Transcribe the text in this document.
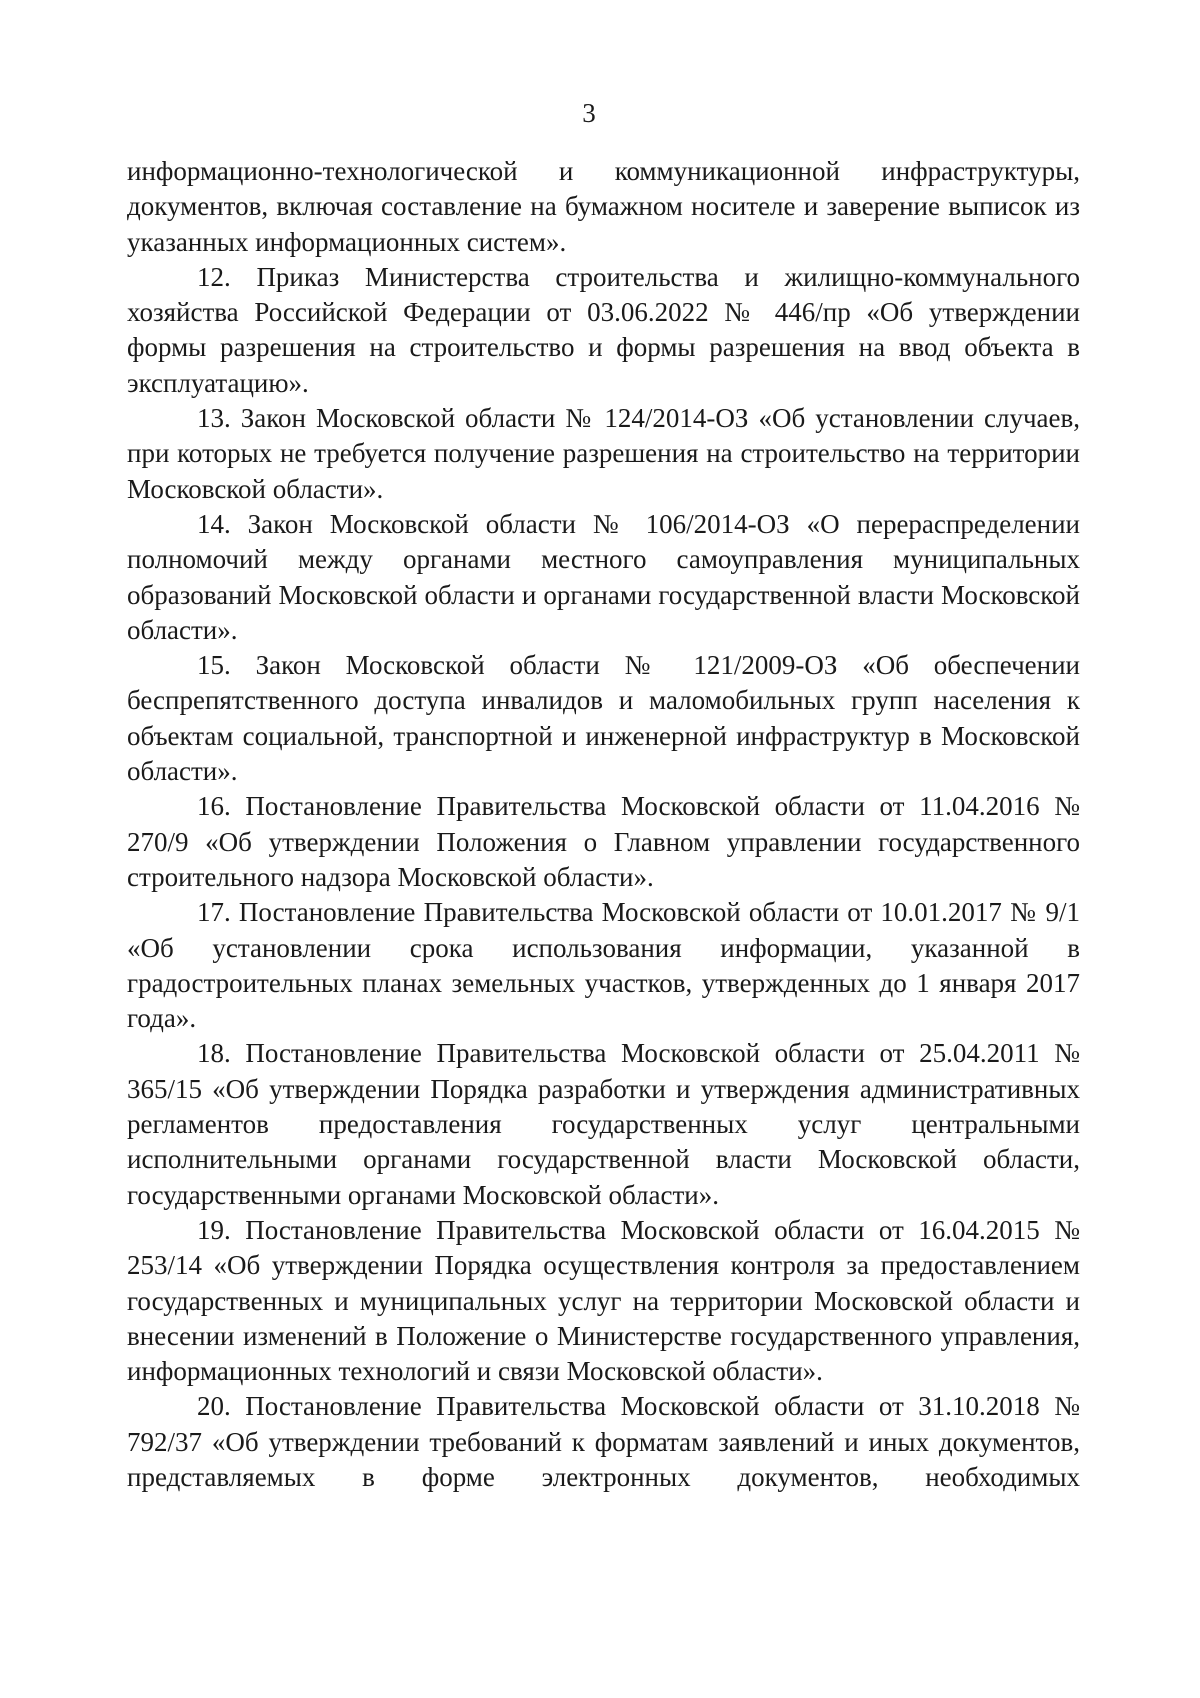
3

информационно-технологической и коммуникационной инфраструктуры, документов, включая составление на бумажном носителе и заверение выписок из указанных информационных систем».

12. Приказ Министерства строительства и жилищно-коммунального хозяйства Российской Федерации от 03.06.2022 № 446/пр «Об утверждении формы разрешения на строительство и формы разрешения на ввод объекта в эксплуатацию».

13. Закон Московской области № 124/2014-ОЗ «Об установлении случаев, при которых не требуется получение разрешения на строительство на территории Московской области».

14. Закон Московской области № 106/2014-ОЗ «О перераспределении полномочий между органами местного самоуправления муниципальных образований Московской области и органами государственной власти Московской области».

15. Закон Московской области № 121/2009-ОЗ «Об обеспечении беспрепятственного доступа инвалидов и маломобильных групп населения к объектам социальной, транспортной и инженерной инфраструктур в Московской области».

16. Постановление Правительства Московской области от 11.04.2016 № 270/9 «Об утверждении Положения о Главном управлении государственного строительного надзора Московской области».

17. Постановление Правительства Московской области от 10.01.2017 № 9/1 «Об установлении срока использования информации, указанной в градостроительных планах земельных участков, утвержденных до 1 января 2017 года».

18. Постановление Правительства Московской области от 25.04.2011 № 365/15 «Об утверждении Порядка разработки и утверждения административных регламентов предоставления государственных услуг центральными исполнительными органами государственной власти Московской области, государственными органами Московской области».

19. Постановление Правительства Московской области от 16.04.2015 № 253/14 «Об утверждении Порядка осуществления контроля за предоставлением государственных и муниципальных услуг на территории Московской области и внесении изменений в Положение о Министерстве государственного управления, информационных технологий и связи Московской области».

20. Постановление Правительства Московской области от 31.10.2018 № 792/37 «Об утверждении требований к форматам заявлений и иных документов, представляемых в форме электронных документов, необходимых
